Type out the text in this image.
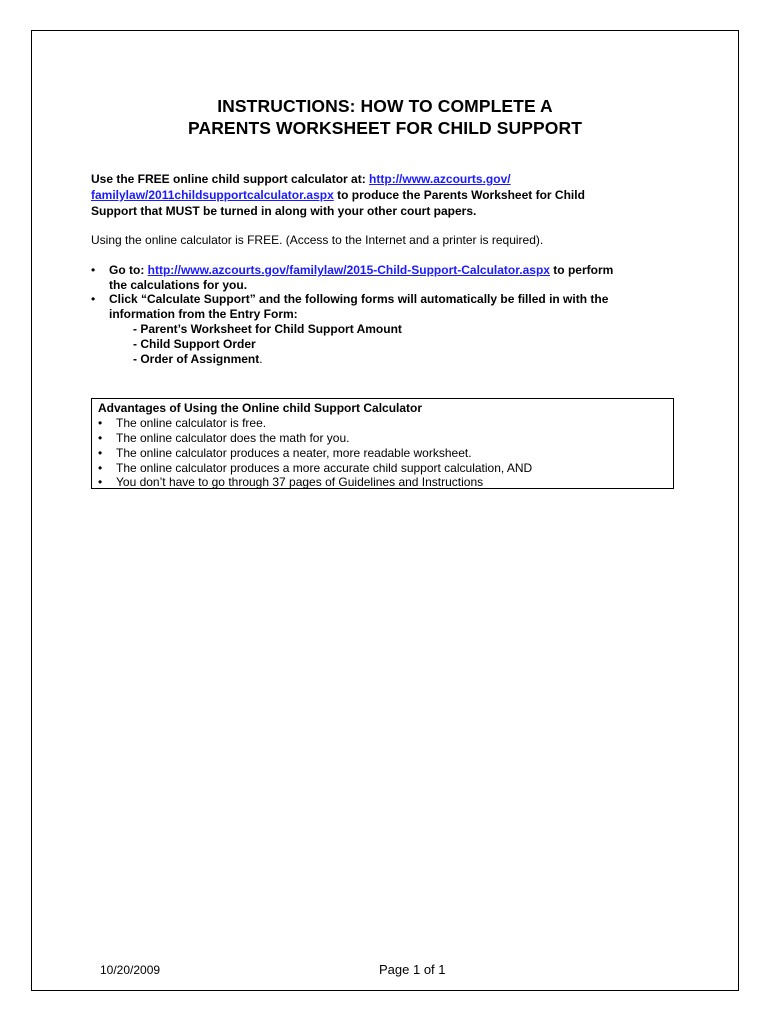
INSTRUCTIONS: HOW TO COMPLETE A
PARENTS WORKSHEET FOR CHILD SUPPORT
Use the FREE online child support calculator at: http://www.azcourts.gov/
familylaw/2011childsupportcalculator.aspx to produce the Parents Worksheet for Child
Support that MUST be turned in along with your other court papers.
Using the online calculator is FREE. (Access to the Internet and a printer is required).
• Go to: http://www.azcourts.gov/familylaw/2015-Child-Support-Calculator.aspx to perform
the calculations for you.
• Click “Calculate Support” and the following forms will automatically be filled in with the
information from the Entry Form:
- Parent’s Worksheet for Child Support Amount
- Child Support Order
- Order of Assignment.
Advantages of Using the Online child Support Calculator
• The online calculator is free.
• The online calculator does the math for you.
• The online calculator produces a neater, more readable worksheet.
• The online calculator produces a more accurate child support calculation, AND
• You don’t have to go through 37 pages of Guidelines and Instructions
10/20/2009	Page 1 of 1
